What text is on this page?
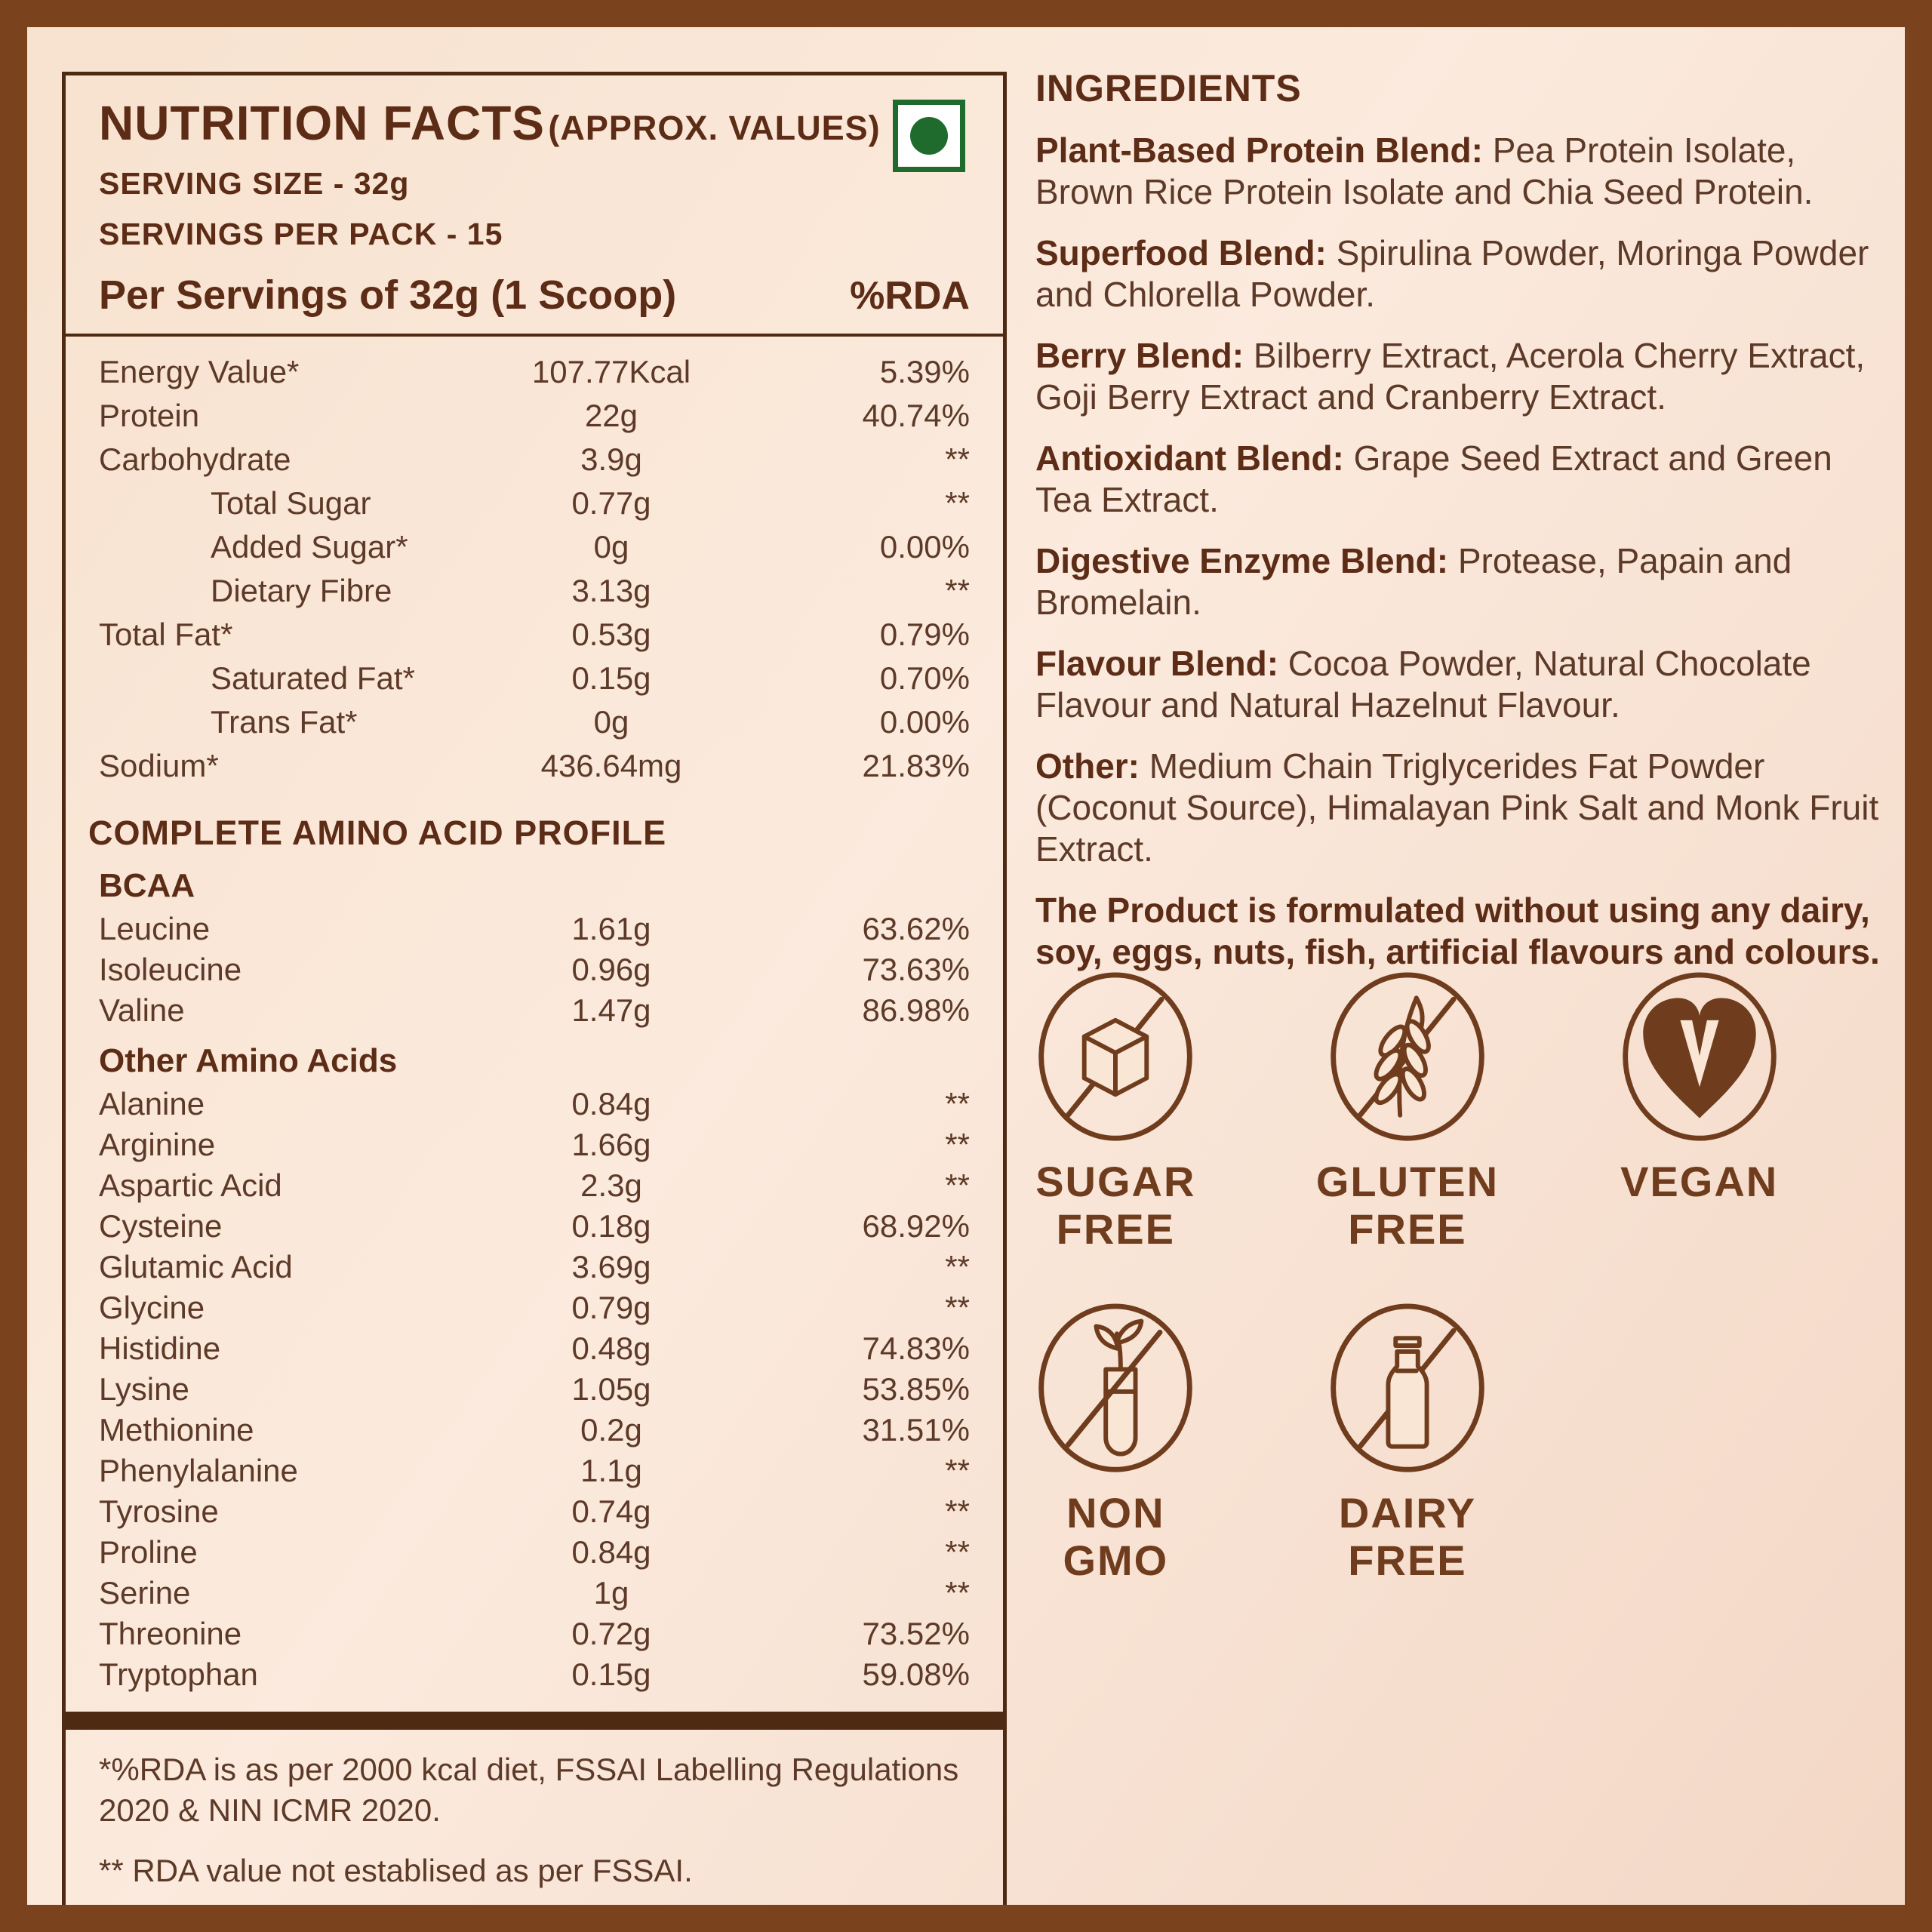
NUTRITION FACTS (APPROX. VALUES)
SERVING SIZE - 32g
SERVINGS PER PACK - 15
Per Servings of 32g (1 Scoop)	%RDA
Energy Value*	107.77Kcal	5.39%
Protein	22g	40.74%
Carbohydrate	3.9g	**
Total Sugar	0.77g	**
Added Sugar*	0g	0.00%
Dietary Fibre	3.13g	**
Total Fat*	0.53g	0.79%
Saturated Fat*	0.15g	0.70%
Trans Fat*	0g	0.00%
Sodium*	436.64mg	21.83%
COMPLETE AMINO ACID PROFILE
BCAA
Leucine	1.61g	63.62%
Isoleucine	0.96g	73.63%
Valine	1.47g	86.98%
Other Amino Acids
Alanine	0.84g	**
Arginine	1.66g	**
Aspartic Acid	2.3g	**
Cysteine	0.18g	68.92%
Glutamic Acid	3.69g	**
Glycine	0.79g	**
Histidine	0.48g	74.83%
Lysine	1.05g	53.85%
Methionine	0.2g	31.51%
Phenylalanine	1.1g	**
Tyrosine	0.74g	**
Proline	0.84g	**
Serine	1g	**
Threonine	0.72g	73.52%
Tryptophan	0.15g	59.08%

*%RDA is as per 2000 kcal diet, FSSAI Labelling Regulations 2020 & NIN ICMR 2020.

** RDA value not establised as per FSSAI.

INGREDIENTS

Plant-Based Protein Blend: Pea Protein Isolate, Brown Rice Protein Isolate and Chia Seed Protein.

Superfood Blend: Spirulina Powder, Moringa Powder and Chlorella Powder.

Berry Blend: Bilberry Extract, Acerola Cherry Extract, Goji Berry Extract and Cranberry Extract.

Antioxidant Blend: Grape Seed Extract and Green Tea Extract.

Digestive Enzyme Blend: Protease, Papain and Bromelain.

Flavour Blend: Cocoa Powder, Natural Chocolate Flavour and Natural Hazelnut Flavour.

Other: Medium Chain Triglycerides Fat Powder (Coconut Source), Himalayan Pink Salt and Monk Fruit Extract.

The Product is formulated without using any dairy, soy, eggs, nuts, fish, artificial flavours and colours.

SUGAR
FREE
GLUTEN
FREE
VEGAN
NON
GMO
DAIRY
FREE
